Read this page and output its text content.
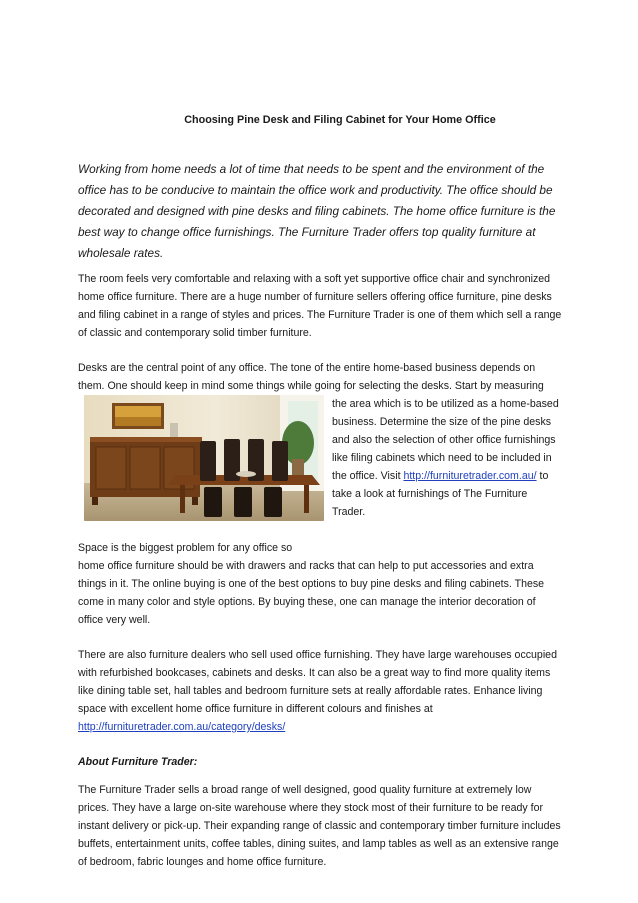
Choosing Pine Desk and Filing Cabinet for Your Home Office

Working from home needs a lot of time that needs to be spent and the environment of the office has to be conducive to maintain the office work and productivity. The office should be decorated and designed with pine desks and filing cabinets. The home office furniture is the best way to change office furnishings. The Furniture Trader offers top quality furniture at wholesale rates.

The room feels very comfortable and relaxing with a soft yet supportive office chair and synchronized home office furniture. There are a huge number of furniture sellers offering office furniture, pine desks and filing cabinet in a range of styles and prices. The Furniture Trader is one of them which sell a range of classic and contemporary solid timber furniture.

Desks are the central point of any office. The tone of the entire home-based business depends on them. One should keep in mind some things while going for selecting the desks. Start by measuring

the area which is to be utilized as a home-based business. Determine the size of the pine desks and also the selection of other office furnishings like filing cabinets which need to be included in the office. Visit http://furnituretrader.com.au/ to take a look at furnishings of The Furniture Trader.

Space is the biggest problem for any office so

home office furniture should be with drawers and racks that can help to put accessories and extra things in it. The online buying is one of the best options to buy pine desks and filing cabinets. These come in many color and style options. By buying these, one can manage the interior decoration of office very well.

There are also furniture dealers who sell used office furnishing. They have large warehouses occupied with refurbished bookcases, cabinets and desks. It can also be a great way to find more quality items like dining table set, hall tables and bedroom furniture sets at really affordable rates. Enhance living space with excellent home office furniture in different colours and finishes at http://furnituretrader.com.au/category/desks/

About Furniture Trader:

The Furniture Trader sells a broad range of well designed, good quality furniture at extremely low prices. They have a large on-site warehouse where they stock most of their furniture to be ready for instant delivery or pick-up. Their expanding range of classic and contemporary timber furniture includes buffets, entertainment units, coffee tables, dining suites, and lamp tables as well as an extensive range of bedroom, fabric lounges and home office furniture.
